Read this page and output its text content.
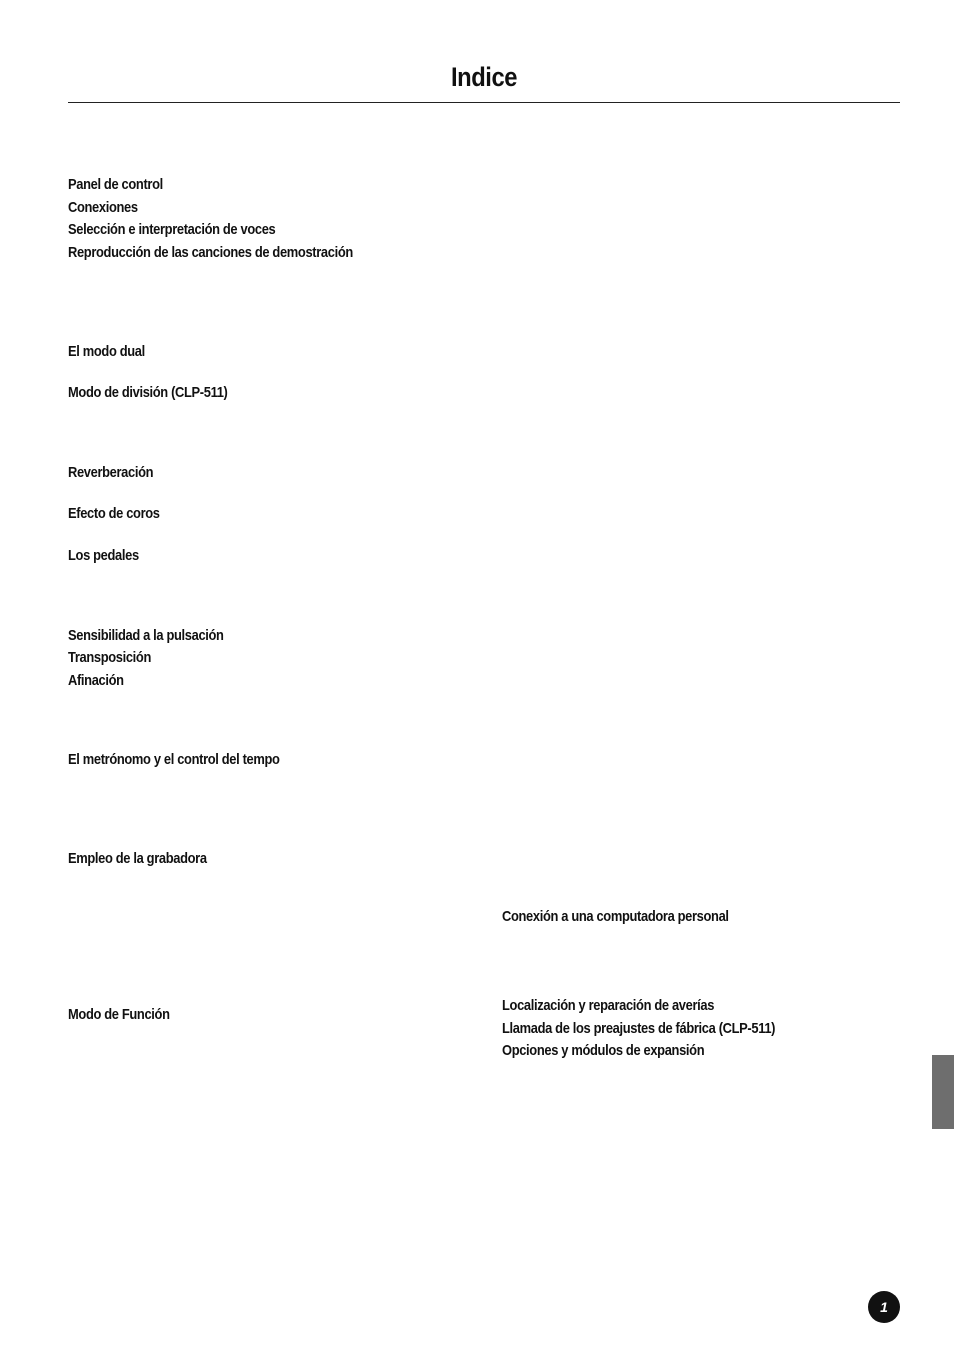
Indice
Panel de control
Conexiones
Selección e interpretación de voces
Reproducción de las canciones de demostración
El modo dual
Modo de división (CLP-511)
Reverberación
Efecto de coros
Los pedales
Sensibilidad a la pulsación
Transposición
Afinación
El metrónomo y el control del tempo
Empleo de la grabadora
Modo de Función
Conexión a una computadora personal
Localización y reparación de averías
Llamada de los preajustes de fábrica (CLP-511)
Opciones y módulos de expansión
1
